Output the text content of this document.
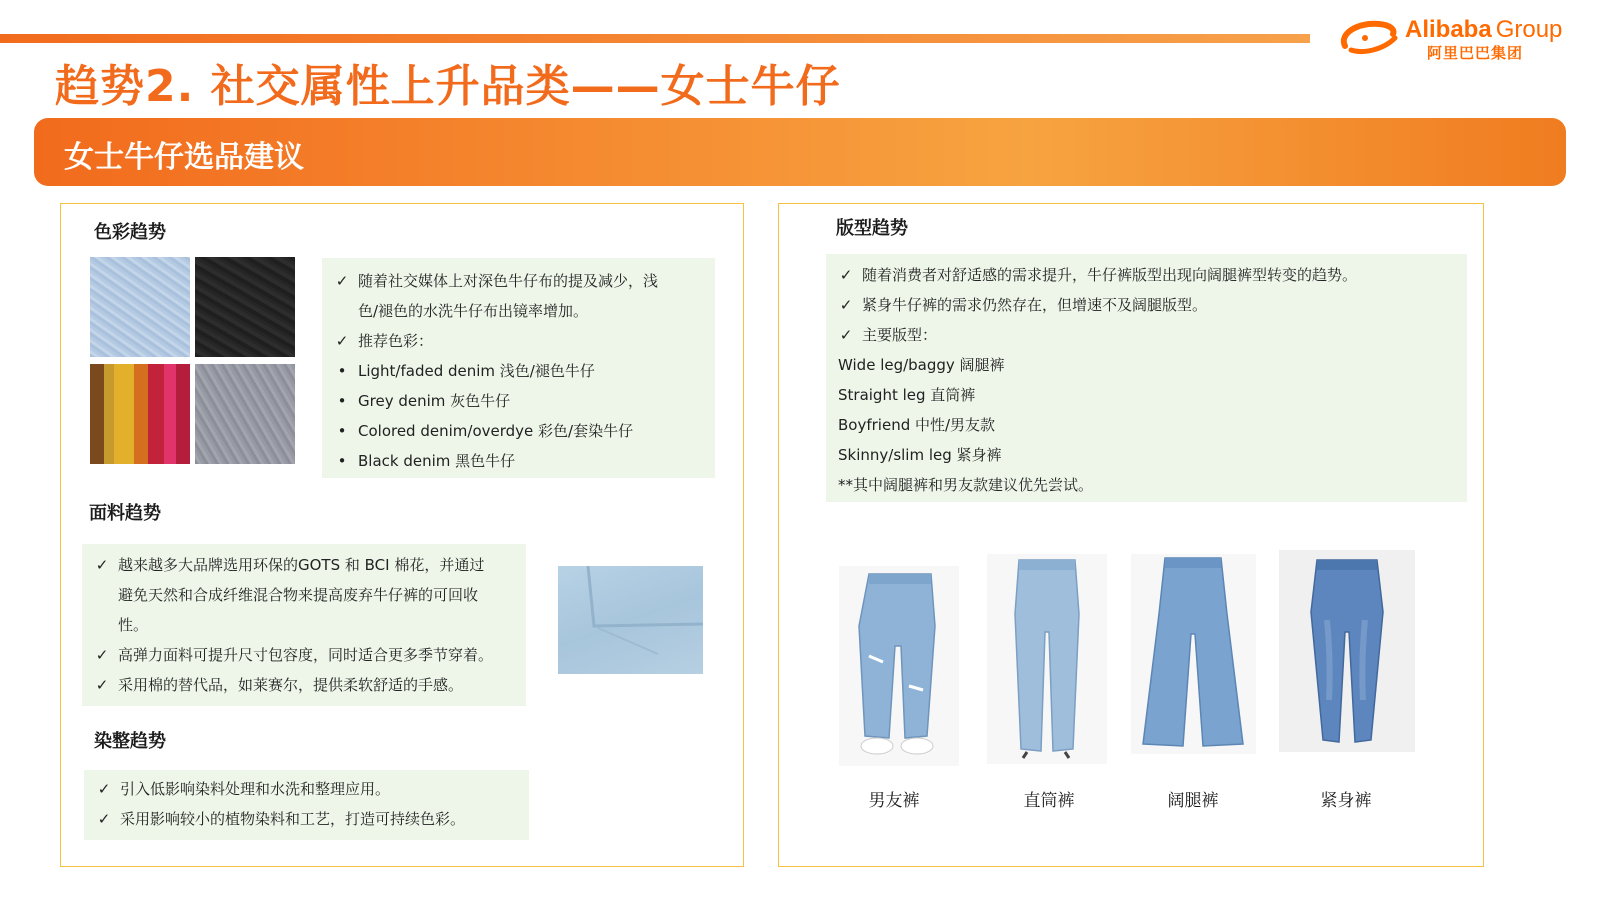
Alibaba Group
阿里巴巴集团
趋势2. 社交属性上升品类——女士牛仔
女士牛仔选品建议
色彩趋势
✓ 随着社交媒体上对深色牛仔布的提及减少，浅
色/褪色的水洗牛仔布出镜率增加。
✓ 推荐色彩：
• Light/faded denim 浅色/褪色牛仔
• Grey denim 灰色牛仔
• Colored denim/overdye 彩色/套染牛仔
• Black denim 黑色牛仔
面料趋势
✓ 越来越多大品牌选用环保的GOTS 和 BCI 棉花，并通过
避免天然和合成纤维混合物来提高废弃牛仔裤的可回收
性。
✓ 高弹力面料可提升尺寸包容度，同时适合更多季节穿着。
✓ 采用棉的替代品，如莱赛尔，提供柔软舒适的手感。
染整趋势
✓ 引入低影响染料处理和水洗和整理应用。
✓ 采用影响较小的植物染料和工艺，打造可持续色彩。
版型趋势
✓ 随着消费者对舒适感的需求提升，牛仔裤版型出现向阔腿裤型转变的趋势。
✓ 紧身牛仔裤的需求仍然存在，但增速不及阔腿版型。
✓ 主要版型：
Wide leg/baggy 阔腿裤
Straight leg 直筒裤
Boyfriend 中性/男友款
Skinny/slim leg 紧身裤
**其中阔腿裤和男友款建议优先尝试。
男友裤	直筒裤	阔腿裤	紧身裤
